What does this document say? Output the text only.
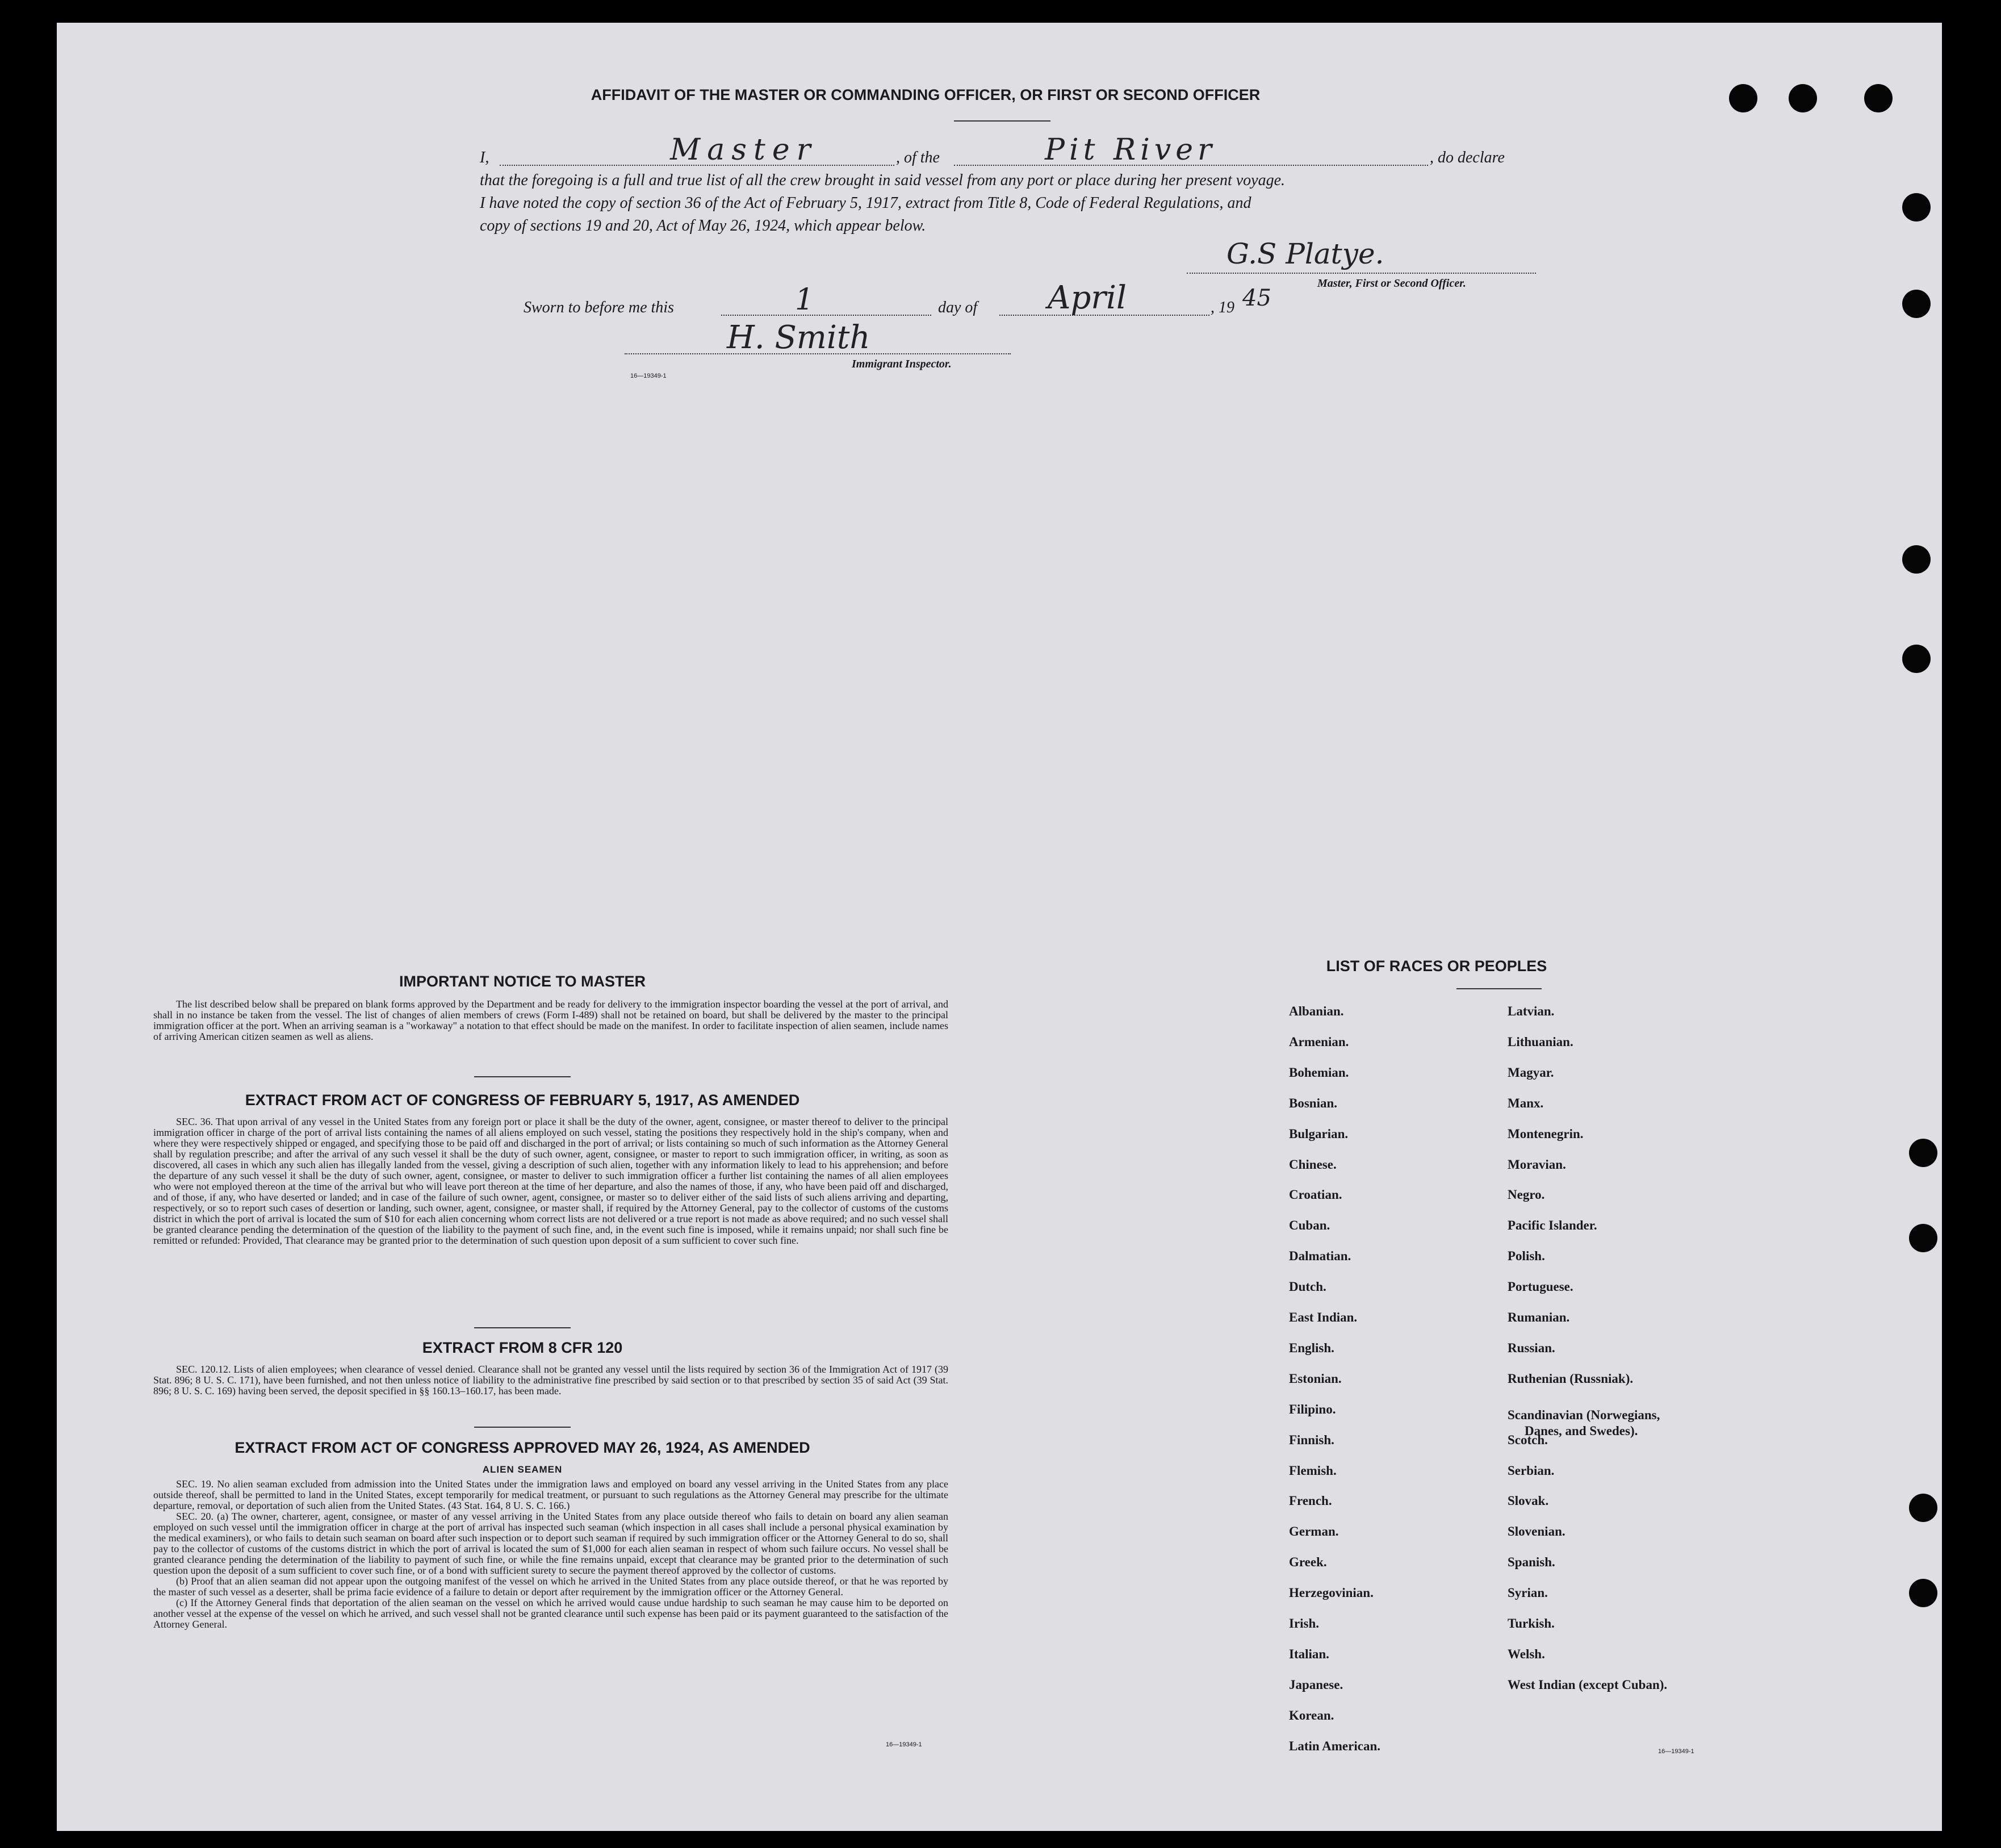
AFFIDAVIT OF THE MASTER OR COMMANDING OFFICER, OR FIRST OR SECOND OFFICER
I,	Master	, of the	Pit River	, do declare
that the foregoing is a full and true list of all the crew brought in said vessel from any port or place during her present voyage.
I have noted the copy of section 36 of the Act of February 5, 1917, extract from Title 8, Code of Federal Regulations, and
copy of sections 19 and 20, Act of May 26, 1924, which appear below.
G.S Platye.
Master, First or Second Officer.
Sworn to before me this	1	day of April	, 19 45
H. Smith
Immigrant Inspector.
16—19349-1
IMPORTANT NOTICE TO MASTER

The list described below shall be prepared on blank forms approved by the Department and be ready for delivery to the immigration inspector boarding the vessel at the port of arrival, and shall in no instance be taken from the vessel. The list of changes of alien members of crews (Form I-489) shall not be retained on board, but shall be delivered by the master to the principal immigration officer at the port. When an arriving seaman is a "workaway" a notation to that effect should be made on the manifest. In order to facilitate inspection of alien seamen, include names of arriving American citizen seamen as well as aliens.

EXTRACT FROM ACT OF CONGRESS OF FEBRUARY 5, 1917, AS AMENDED

SEC. 36. That upon arrival of any vessel in the United States from any foreign port or place it shall be the duty of the owner, agent, consignee, or master thereof to deliver to the principal immigration officer in charge of the port of arrival lists containing the names of all aliens employed on such vessel, stating the positions they respectively hold in the ship's company, when and where they were respectively shipped or engaged, and specifying those to be paid off and discharged in the port of arrival; or lists containing so much of such information as the Attorney General shall by regulation prescribe; and after the arrival of any such vessel it shall be the duty of such owner, agent, consignee, or master to report to such immigration officer, in writing, as soon as discovered, all cases in which any such alien has illegally landed from the vessel, giving a description of such alien, together with any information likely to lead to his apprehension; and before the departure of any such vessel it shall be the duty of such owner, agent, consignee, or master to deliver to such immigration officer a further list containing the names of all alien employees who were not employed thereon at the time of the arrival but who will leave port thereon at the time of her departure, and also the names of those, if any, who have been paid off and discharged, and of those, if any, who have deserted or landed; and in case of the failure of such owner, agent, consignee, or master so to deliver either of the said lists of such aliens arriving and departing, respectively, or so to report such cases of desertion or landing, such owner, agent, consignee, or master shall, if required by the Attorney General, pay to the collector of customs of the customs district in which the port of arrival is located the sum of $10 for each alien concerning whom correct lists are not delivered or a true report is not made as above required; and no such vessel shall be granted clearance pending the determination of the question of the liability to the payment of such fine, and, in the event such fine is imposed, while it remains unpaid; nor shall such fine be remitted or refunded: Provided, That clearance may be granted prior to the determination of such question upon deposit of a sum sufficient to cover such fine.

EXTRACT FROM 8 CFR 120

SEC. 120.12. Lists of alien employees; when clearance of vessel denied. Clearance shall not be granted any vessel until the lists required by section 36 of the Immigration Act of 1917 (39 Stat. 896; 8 U. S. C. 171), have been furnished, and not then unless notice of liability to the administrative fine prescribed by said section or to that prescribed by section 35 of said Act (39 Stat. 896; 8 U. S. C. 169) having been served, the deposit specified in §§ 160.13–160.17, has been made.

EXTRACT FROM ACT OF CONGRESS APPROVED MAY 26, 1924, AS AMENDED
ALIEN SEAMEN

SEC. 19. No alien seaman excluded from admission into the United States under the immigration laws and employed on board any vessel arriving in the United States from any place outside thereof, shall be permitted to land in the United States, except temporarily for medical treatment, or pursuant to such regulations as the Attorney General may prescribe for the ultimate departure, removal, or deportation of such alien from the United States. (43 Stat. 164, 8 U. S. C. 166.)

SEC. 20. (a) The owner, charterer, agent, consignee, or master of any vessel arriving in the United States from any place outside thereof who fails to detain on board any alien seaman employed on such vessel until the immigration officer in charge at the port of arrival has inspected such seaman (which inspection in all cases shall include a personal physical examination by the medical examiners), or who fails to detain such seaman on board after such inspection or to deport such seaman if required by such immigration officer or the Attorney General to do so, shall pay to the collector of customs of the customs district in which the port of arrival is located the sum of $1,000 for each alien seaman in respect of whom such failure occurs. No vessel shall be granted clearance pending the determination of the liability to payment of such fine, or while the fine remains unpaid, except that clearance may be granted prior to the determination of such question upon the deposit of a sum sufficient to cover such fine, or of a bond with sufficient surety to secure the payment thereof approved by the collector of customs.

(b) Proof that an alien seaman did not appear upon the outgoing manifest of the vessel on which he arrived in the United States from any place outside thereof, or that he was reported by the master of such vessel as a deserter, shall be prima facie evidence of a failure to detain or deport after requirement by the immigration officer or the Attorney General.

(c) If the Attorney General finds that deportation of the alien seaman on the vessel on which he arrived would cause undue hardship to such seaman he may cause him to be deported on another vessel at the expense of the vessel on which he arrived, and such vessel shall not be granted clearance until such expense has been paid or its payment guaranteed to the satisfaction of the Attorney General.

16—19349-1
LIST OF RACES OR PEOPLES
16—19349-1
Albanian.
Armenian.
Bohemian.
Bosnian.
Bulgarian.
Chinese.
Croatian.
Cuban.
Dalmatian.
Dutch.
East Indian.
English.
Estonian.
Filipino.
Finnish.
Flemish.
French.
German.
Greek.
Herzegovinian.
Irish.
Italian.
Japanese.
Korean.
Latin American.
Latvian.
Lithuanian.
Magyar.
Manx.
Montenegrin.
Moravian.
Negro.
Pacific Islander.
Polish.
Portuguese.
Rumanian.
Russian.
Ruthenian (Russniak).
Scandinavian (Norwegians,
Danes, and Swedes).
Scotch.
Serbian.
Slovak.
Slovenian.
Spanish.
Syrian.
Turkish.
Welsh.
West Indian (except Cuban).
